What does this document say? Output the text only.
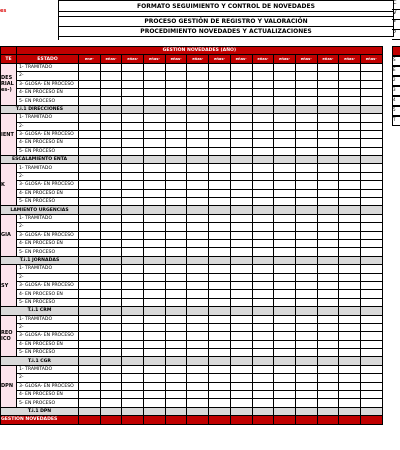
es
FORMATO SEGUIMIENTO Y CONTROL DE NOVEDADES

PROCESO GESTIÓN DE REGISTRO Y VALORACIÓN
PROCEDIMIENTO NOVEDADES Y ACTUALIZACIONES
C
V
F
P
	GESTIÓN NOVEDADES (AÑO)														
TE	ESTADO	ene-	eñas-	eñas-	eñas-	eñas-	eñas-	eñas-	eñas-	eñas-	eñas-	eñas-	eñas-	eñas-	eñas-
DES
RIAL
es-)	1- TRAMITADO														
	2-														
	3- GLOSA- EN PROCESO														
	4- EN PROCESO EN														
	5- EN PROCESO														
T.i.1 DIRECCIONES															
IENT	1- TRAMITADO														
	2-														
	3- GLOSA- EN PROCESO														
	4- EN PROCESO EN														
	5- EN PROCESO														
ESCALAMIENTO ENTA															
K	1- TRAMITADO														
	2-														
	3- GLOSA- EN PROCESO														
	4- EN PROCESO EN														
	5- EN PROCESO														
LAMIENTO URGENCIAS															
GIA	1- TRAMITADO														
	2-														
	3- GLOSA- EN PROCESO														
	4- EN PROCESO EN														
	5- EN PROCESO														
T.i.1 JORNADAS															
SY	1- TRAMITADO														
	2-														
	3- GLOSA- EN PROCESO														
	4- EN PROCESO EN														
	5- EN PROCESO														
T.i.1 CRM															
REO
ICO	1- TRAMITADO														
	2-														
	3- GLOSA- EN PROCESO														
	4- EN PROCESO EN														
	5- EN PROCESO														
T.i.1 CGR															
DPN	1- TRAMITADO														
	2-														
	3- GLOSA- EN PROCESO														
	4- EN PROCESO EN														
	5- EN PROCESO														
T.i.1 DPN															
GESTIÓN NOVEDADES															
S
E
2
3
4
5
T
